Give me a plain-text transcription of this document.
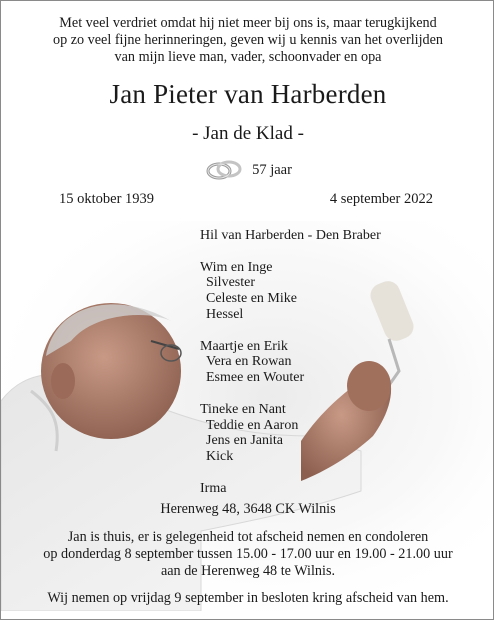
Met veel verdriet omdat hij niet meer bij ons is, maar terugkijkend
op zo veel fijne herinneringen, geven wij u kennis van het overlijden
van mijn lieve man, vader, schoonvader en opa
Jan Pieter van Harberden
- Jan de Klad -
57 jaar
15 oktober 1939	4 september 2022
Hil van Harberden - Den Braber
Wim en Inge
Silvester
Celeste en Mike
Hessel
Maartje en Erik
Vera en Rowan
Esmee en Wouter
Tineke en Nant
Teddie en Aaron
Jens en Janita
Kick
Irma
Herenweg 48, 3648 CK Wilnis
Jan is thuis, er is gelegenheid tot afscheid nemen en condoleren
op donderdag 8 september tussen 15.00 - 17.00 uur en 19.00 - 21.00 uur
aan de Herenweg 48 te Wilnis.
Wij nemen op vrijdag 9 september in besloten kring afscheid van hem.
